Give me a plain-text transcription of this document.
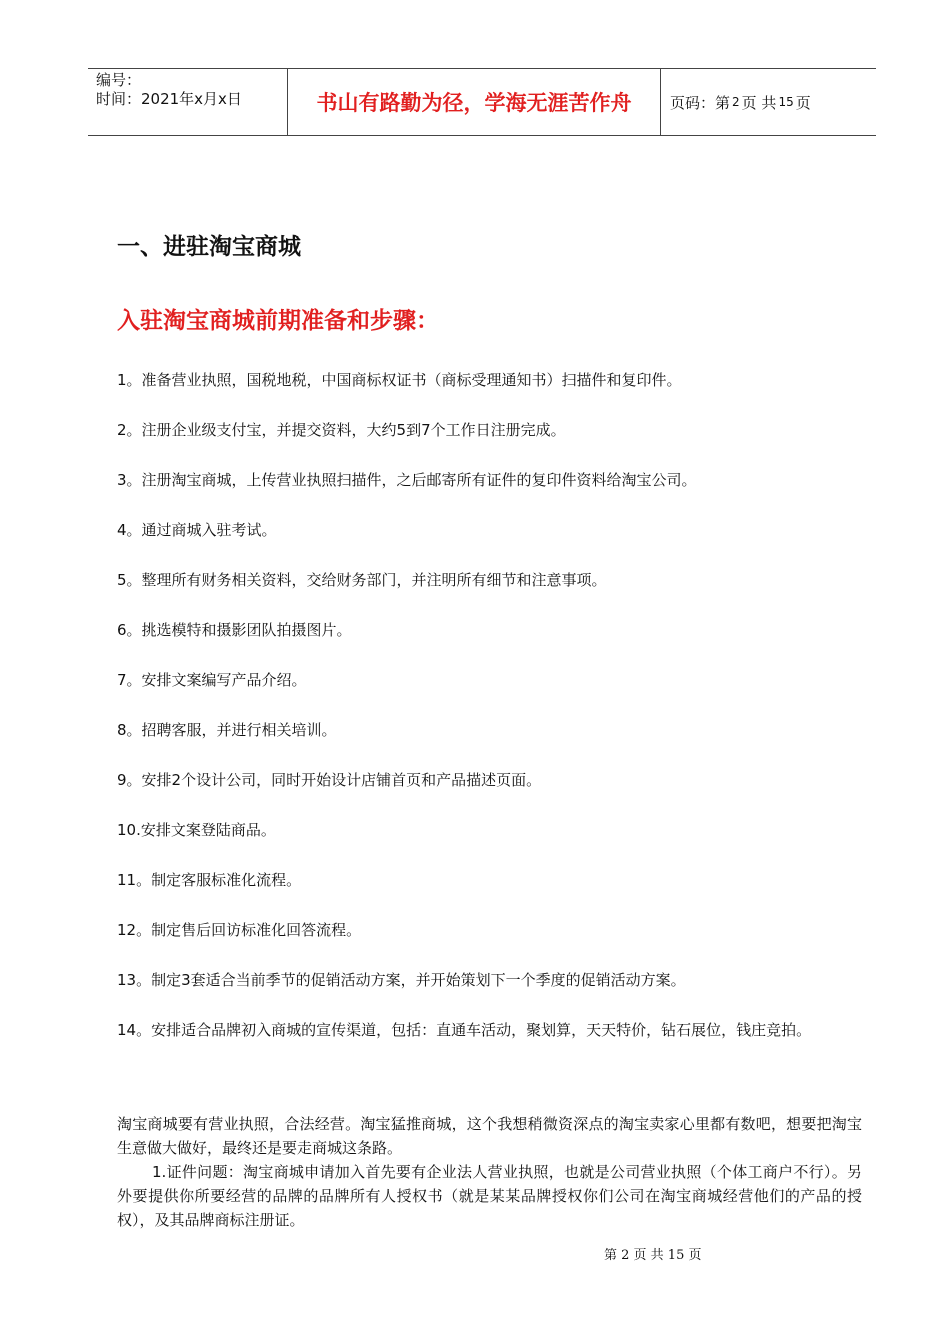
编号：
时间：2021年x月x日	书山有路勤为径，学海无涯苦作舟	页码：第 2 页 共 15 页
一、进驻淘宝商城
入驻淘宝商城前期准备和步骤：
1。准备营业执照，国税地税，中国商标权证书（商标受理通知书）扫描件和复印件。
2。注册企业级支付宝，并提交资料，大约5到7个工作日注册完成。
3。注册淘宝商城，上传营业执照扫描件，之后邮寄所有证件的复印件资料给淘宝公司。
4。通过商城入驻考试。
5。整理所有财务相关资料，交给财务部门，并注明所有细节和注意事项。
6。挑选模特和摄影团队拍摄图片。
7。安排文案编写产品介绍。
8。招聘客服，并进行相关培训。
9。安排2个设计公司，同时开始设计店铺首页和产品描述页面。
10.安排文案登陆商品。
11。制定客服标准化流程。
12。制定售后回访标准化回答流程。
13。制定3套适合当前季节的促销活动方案，并开始策划下一个季度的促销活动方案。
14。安排适合品牌初入商城的宣传渠道，包括：直通车活动，聚划算，天天特价，钻石展位，钱庄竞拍。

淘宝商城要有营业执照，合法经营。淘宝猛推商城，这个我想稍微资深点的淘宝卖家心里都有数吧，想要把淘宝生意做大做好，最终还是要走商城这条路。

1.证件问题：淘宝商城申请加入首先要有企业法人营业执照，也就是公司营业执照（个体工商户不行）。另外要提供你所要经营的品牌的品牌所有人授权书（就是某某品牌授权你们公司在淘宝商城经营他们的产品的授权），及其品牌商标注册证。

第 2 页 共 15 页
